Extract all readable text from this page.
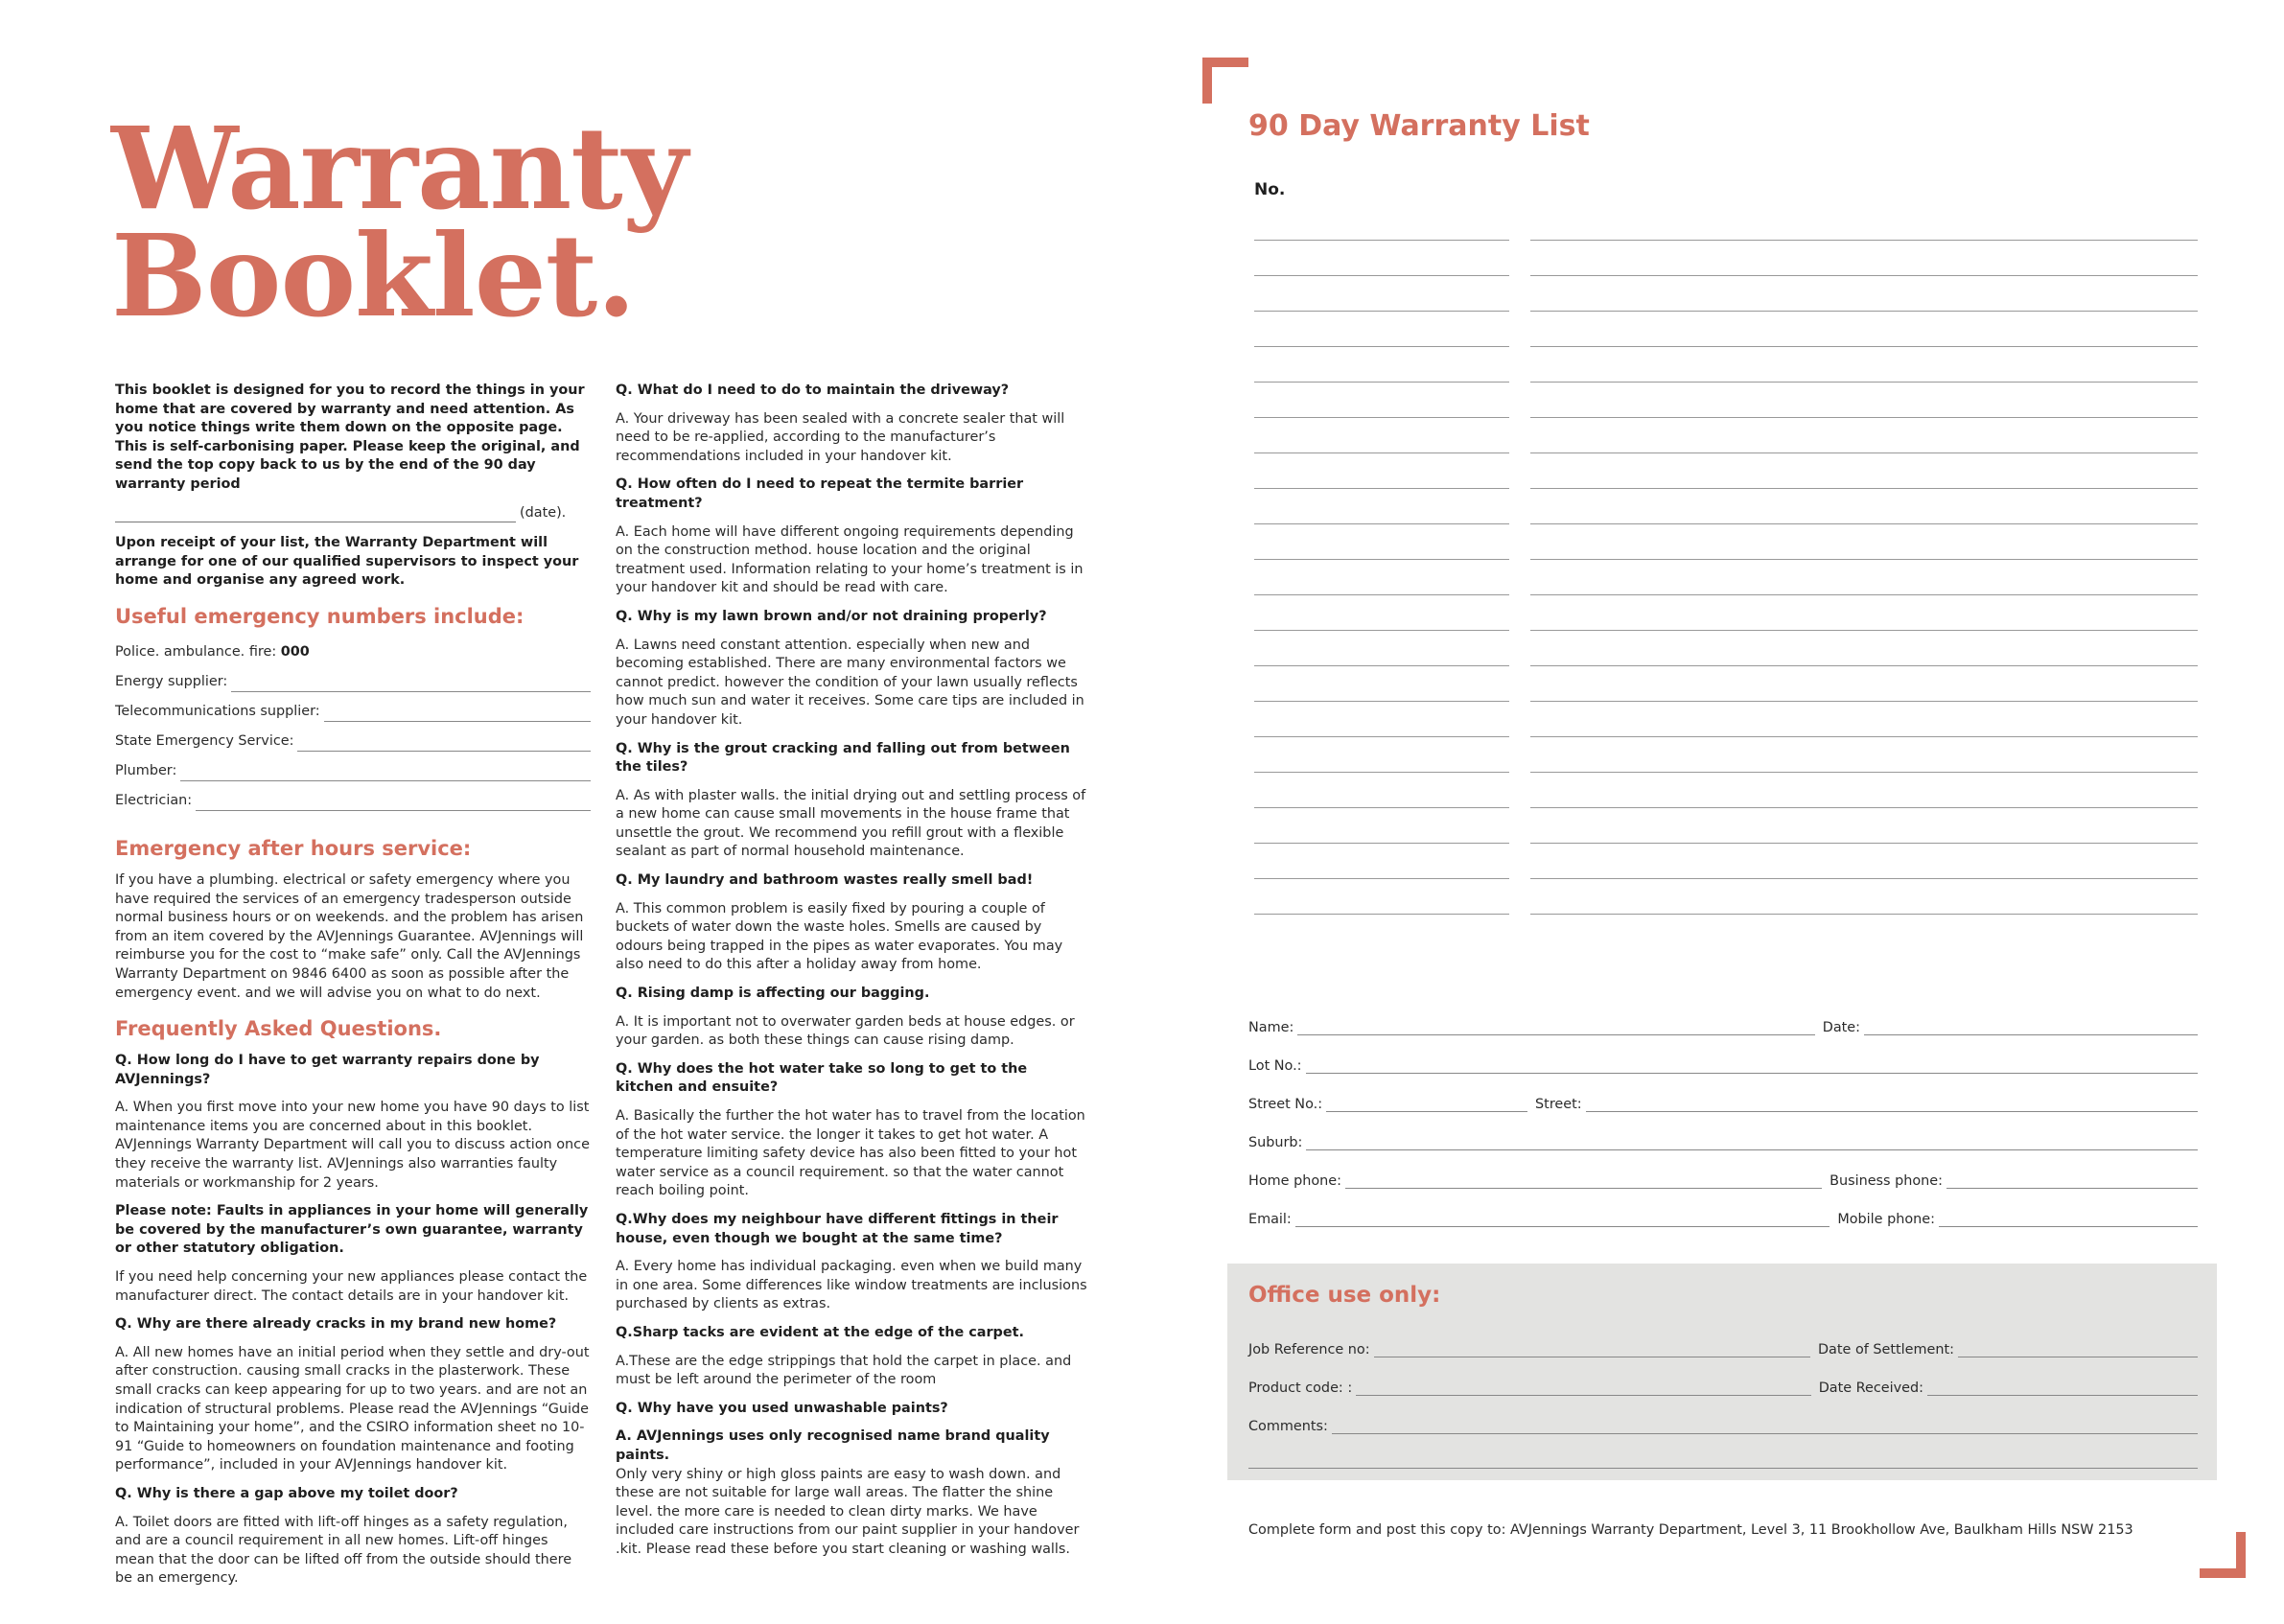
Warranty
Booklet.
This booklet is designed for you to record the things in your home that are covered by warranty and need attention. As you notice things write them down on the opposite page. This is self-carbonising paper. Please keep the original, and send the top copy back to us by the end of the 90 day warranty period
(date).
Upon receipt of your list, the Warranty Department will arrange for one of our qualified supervisors to inspect your home and organise any agreed work.
Useful emergency numbers include:
Police. ambulance. fire:
000
Energy supplier:
Telecommunications supplier:
State Emergency Service:
Plumber:
Electrician:
Emergency after hours service:
If you have a plumbing. electrical or safety emergency where you have required the services of an emergency tradesperson outside normal business hours or on weekends. and the problem has arisen from an item covered by the AVJennings Guarantee. AVJennings will reimburse you for the cost to “make safe” only. Call the AVJennings Warranty Department on 9846 6400 as soon as possible after the emergency event. and we will advise you on what to do next.
Frequently Asked Questions.
Q. How long do I have to get warranty repairs done by AVJennings?
A. When you first move into your new home you have 90 days to list maintenance items you are concerned about in this booklet. AVJennings Warranty Department will call you to discuss action once they receive the warranty list. AVJennings also warranties faulty materials or workmanship for 2 years.
Please note: Faults in appliances in your home will generally be covered by the manufacturer’s own guarantee, warranty or other statutory obligation.
If you need help concerning your new appliances please contact the manufacturer direct. The contact details are in your handover kit.
Q. Why are there already cracks in my brand new home?
A. All new homes have an initial period when they settle and dry-out after construction. causing small cracks in the plasterwork. These small cracks can keep appearing for up to two years. and are not an indication of structural problems. Please read the AVJennings “Guide to Maintaining your home”, and the CSIRO information sheet no 10-91 “Guide to homeowners on foundation maintenance and footing performance”, included in your AVJennings handover kit.
Q. Why is there a gap above my toilet door?
A. Toilet doors are fitted with lift-off hinges as a safety regulation, and are a council requirement in all new homes. Lift-off hinges mean that the door can be lifted off from the outside should there be an emergency.
Q. What do I need to do to maintain the driveway?
A. Your driveway has been sealed with a concrete sealer that will need to be re-applied, according to the manufacturer’s recommendations included in your handover kit.
Q. How often do I need to repeat the termite barrier treatment?
A. Each home will have different ongoing requirements depending on the construction method. house location and the original treatment used. Information relating to your home’s treatment is in your handover kit and should be read with care.
Q. Why is my lawn brown and/or not draining properly?
A. Lawns need constant attention. especially when new and becoming established. There are many environmental factors we cannot predict. however the condition of your lawn usually reflects how much sun and water it receives. Some care tips are included in your handover kit.
Q. Why is the grout cracking and falling out from between the tiles?
A. As with plaster walls. the initial drying out and settling process of a new home can cause small movements in the house frame that unsettle the grout. We recommend you refill grout with a flexible sealant as part of normal household maintenance.
Q. My laundry and bathroom wastes really smell bad!
A. This common problem is easily fixed by pouring a couple of buckets of water down the waste holes. Smells are caused by odours being trapped in the pipes as water evaporates. You may also need to do this after a holiday away from home.
Q. Rising damp is affecting our bagging.
A. It is important not to overwater garden beds at house edges. or your garden. as both these things can cause rising damp.
Q. Why does the hot water take so long to get to the kitchen and ensuite?
A. Basically the further the hot water has to travel from the location of the hot water service. the longer it takes to get hot water. A temperature limiting safety device has also been fitted to your hot water service as a council requirement. so that the water cannot reach boiling point.
Q.Why does my neighbour have different fittings in their house, even though we bought at the same time?
A. Every home has individual packaging. even when we build many in one area. Some differences like window treatments are inclusions purchased by clients as extras.
Q.Sharp tacks are evident at the edge of the carpet.
A.These are the edge strippings that hold the carpet in place. and must be left around the perimeter of the room
Q. Why have you used unwashable paints?
A. AVJennings uses only recognised name brand quality paints.
Only very shiny or high gloss paints are easy to wash down. and these are not suitable for large wall areas. The flatter the shine level. the more care is needed to clean dirty marks. We have included care instructions from our paint supplier in your handover .kit. Please read these before you start cleaning or washing walls.
90 Day Warranty List
No.
Name:	Date:
Lot No.:
Street No.:	Street:
Suburb:
Home phone:	Business phone:
Email:	Mobile phone:
Office use only:
Job Reference no:	Date of Settlement:
Product code: :	Date Received:
Comments:
Complete form and post this copy to: AVJennings Warranty Department, Level 3, 11 Brookhollow Ave, Baulkham Hills NSW 2153
